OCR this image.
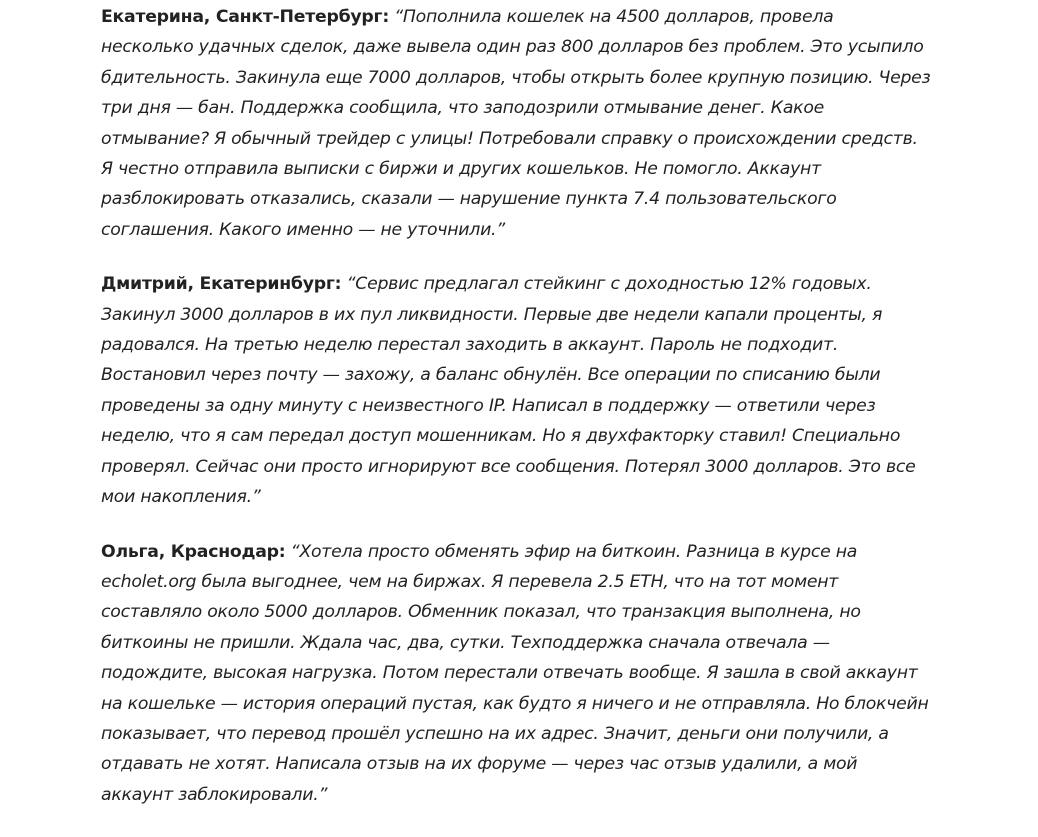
Екатерина, Санкт-Петербург: “Пополнила кошелек на 4500 долларов, провела несколько удачных сделок, даже вывела один раз 800 долларов без проблем. Это усыпило бдительность. Закинула еще 7000 долларов, чтобы открыть более крупную позицию. Через три дня — бан. Поддержка сообщила, что заподозрили отмывание денег. Какое отмывание? Я обычный трейдер с улицы! Потребовали справку о происхождении средств. Я честно отправила выписки с биржи и других кошельков. Не помогло. Аккаунт разблокировать отказались, сказали — нарушение пункта 7.4 пользовательского соглашения. Какого именно — не уточнили.”

Дмитрий, Екатеринбург: “Сервис предлагал стейкинг с доходностью 12% годовых. Закинул 3000 долларов в их пул ликвидности. Первые две недели капали проценты, я радовался. На третью неделю перестал заходить в аккаунт. Пароль не подходит. Востановил через почту — захожу, а баланс обнулён. Все операции по списанию были проведены за одну минуту с неизвестного IP. Написал в поддержку — ответили через неделю, что я сам передал доступ мошенникам. Но я двухфакторку ставил! Специально проверял. Сейчас они просто игнорируют все сообщения. Потерял 3000 долларов. Это все мои накопления.”

Ольга, Краснодар: “Хотела просто обменять эфир на биткоин. Разница в курсе на echolet.org была выгоднее, чем на биржах. Я перевела 2.5 ETH, что на тот момент составляло около 5000 долларов. Обменник показал, что транзакция выполнена, но биткоины не пришли. Ждала час, два, сутки. Техподдержка сначала отвечала — подождите, высокая нагрузка. Потом перестали отвечать вообще. Я зашла в свой аккаунт на кошельке — история операций пустая, как будто я ничего и не отправляла. Но блокчейн показывает, что перевод прошёл успешно на их адрес. Значит, деньги они получили, а отдавать не хотят. Написала отзыв на их форуме — через час отзыв удалили, а мой аккаунт заблокировали.”
